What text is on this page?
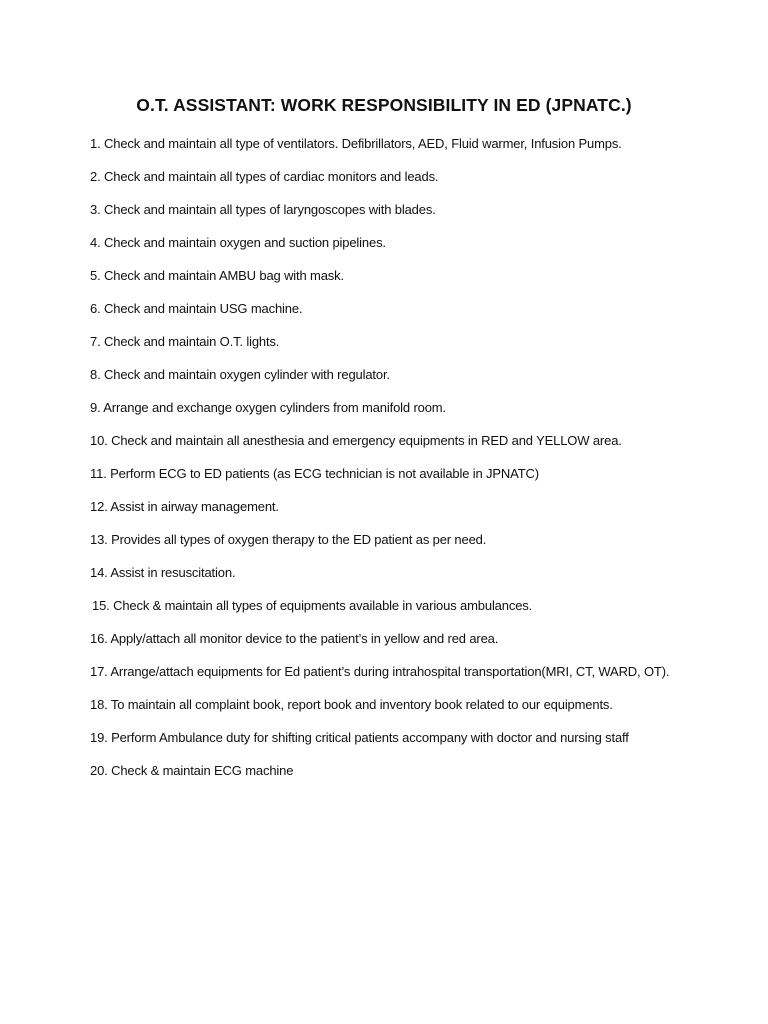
O.T. ASSISTANT: WORK RESPONSIBILITY IN ED (JPNATC.)
1. Check and maintain all type of ventilators. Defibrillators, AED, Fluid warmer, Infusion Pumps.
2. Check and maintain all types of cardiac monitors and leads.
3. Check and maintain all types of laryngoscopes with blades.
4. Check and maintain oxygen and suction pipelines.
5. Check and maintain AMBU bag with mask.
6. Check and maintain USG machine.
7. Check and maintain O.T. lights.
8. Check and maintain oxygen cylinder with regulator.
9. Arrange and exchange oxygen cylinders from manifold room.
10. Check and maintain all anesthesia and emergency equipments in RED and YELLOW area.
11. Perform ECG to ED patients (as ECG technician is not available in JPNATC)
12. Assist in airway management.
13. Provides all types of oxygen therapy to the ED patient as per need.
14. Assist in resuscitation.
15. Check & maintain all types of equipments available in various ambulances.
16. Apply/attach all monitor device to the patient’s in yellow and red area.
17. Arrange/attach equipments for Ed patient’s during intrahospital transportation(MRI, CT, WARD, OT).
18. To maintain all complaint book, report book and inventory book related to our equipments.
19. Perform Ambulance duty for shifting critical patients accompany with doctor and nursing staff
20. Check & maintain ECG machine
